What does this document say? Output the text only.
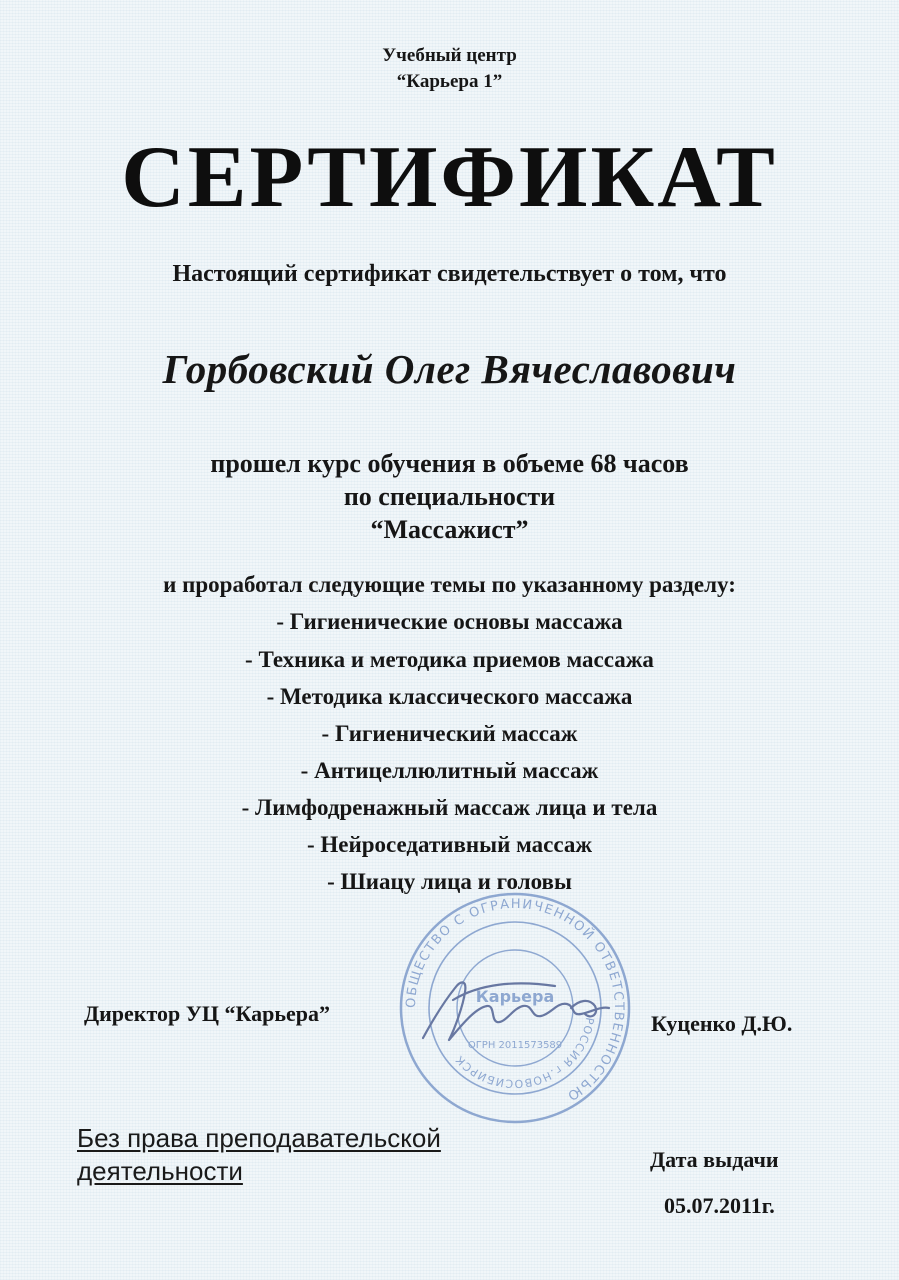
Учебный центр
“Карьера 1”
СЕРТИФИКАТ
Настоящий сертификат свидетельствует о том, что
Горбовский Олег Вячеславович
прошел курс обучения в объеме 68 часов
по специальности
“Массажист”
и проработал следующие темы по указанному разделу:
- Гигиенические основы массажа
- Техника и методика приемов массажа
- Методика классического массажа
- Гигиенический массаж
- Антицеллюлитный массаж
- Лимфодренажный массаж лица и тела
- Нейроседативный массаж
- Шиацу лица и головы
ОБЩЕСТВО С ОГРАНИЧЕННОЙ ОТВЕТСТВЕННОСТЬЮ
РОССИЯ г.НОВОСИБИРСК
Карьера
ОГРН 2011573589
Директор УЦ “Карьера”	Куценко Д.Ю.
Без права преподавательской
деятельности	Дата выдачи
05.07.2011г.
